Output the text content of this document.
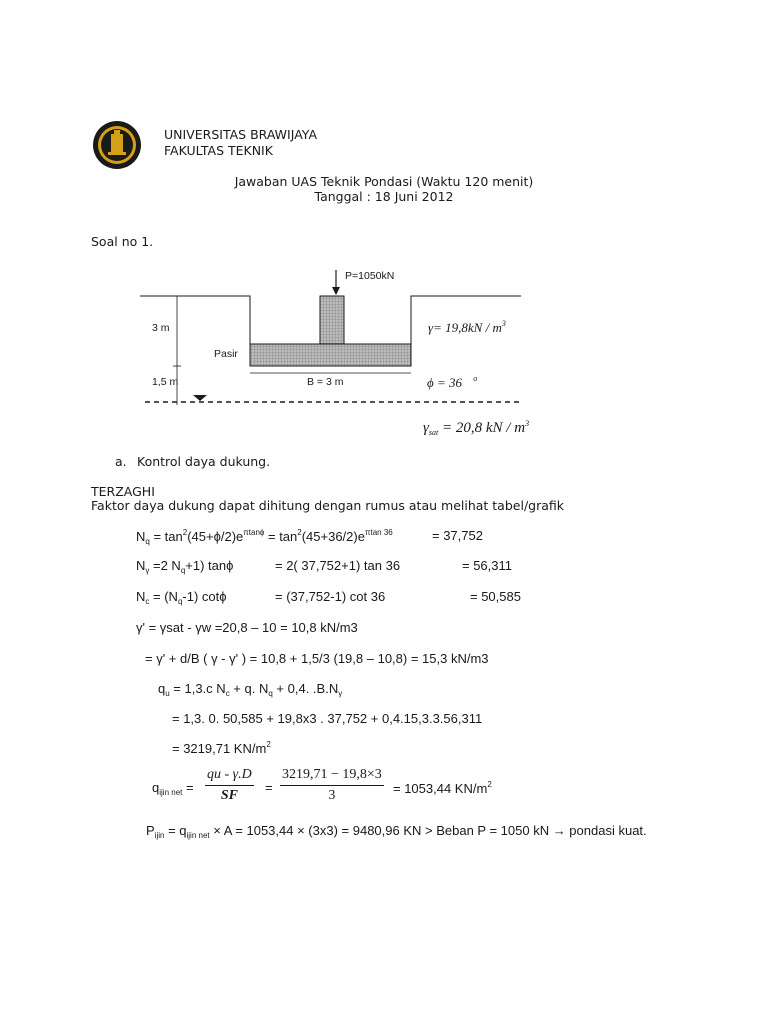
UNIVERSITAS BRAWIJAYA
FAKULTAS TEKNIK
Jawaban UAS Teknik Pondasi (Waktu 120 menit)
Tanggal : 18 Juni 2012
Soal no 1.
P=1050kN
3 m
1,5 m
Pasir
B = 3 m
$\gamma= 19,8kN / m^3$
ϕ = 36 $^o$
$\gamma_{sat} = 20,8$ kN / $m^3$
a. Kontrol daya dukung.
TERZAGHI
Faktor daya dukung dapat dihitung dengan rumus atau melihat tabel/grafik
$N_q = \tan^2(45+\phi/2)e^{\pi tan\phi} = \tan^2(45+36/2)e^{\pi tan 36}$	= 37,752
$N_\gamma =2$ $N_q+1$) tanϕ	= 2( 37,752+1) tan 36	= 56,311
$N_c = (N_q-1)$ cotϕ	= (37,752-1) cot 36	= 50,585
γ' = γsat - γw =20,8 – 10 = 10,8 kN/m3
= γ' + d/B ( γ - γ' ) = 10,8 + 1,5/3 (19,8 – 10,8) = 15,3 kN/m3
$q_u = 1,3.c$ $N_c + q$. $N_q + 0,4$. $.B.N_\gamma$
= 1,3. 0. 50,585 + 19,8x3 . 37,752 + 0,4.15,3.3.56,311
= 3219,71 $KN/m^2$
$q_{ijin net}$ =
qu - γ.D
SF
=
3219,71 − 19,8×3
3	= 1053,44 $KN/m^2$
$P_{ijin} = q_{ijin net} \times A = 1053,44 \times (3x3) = 9480,96$ KN > Beban P = 1050 kN → pondasi kuat.
